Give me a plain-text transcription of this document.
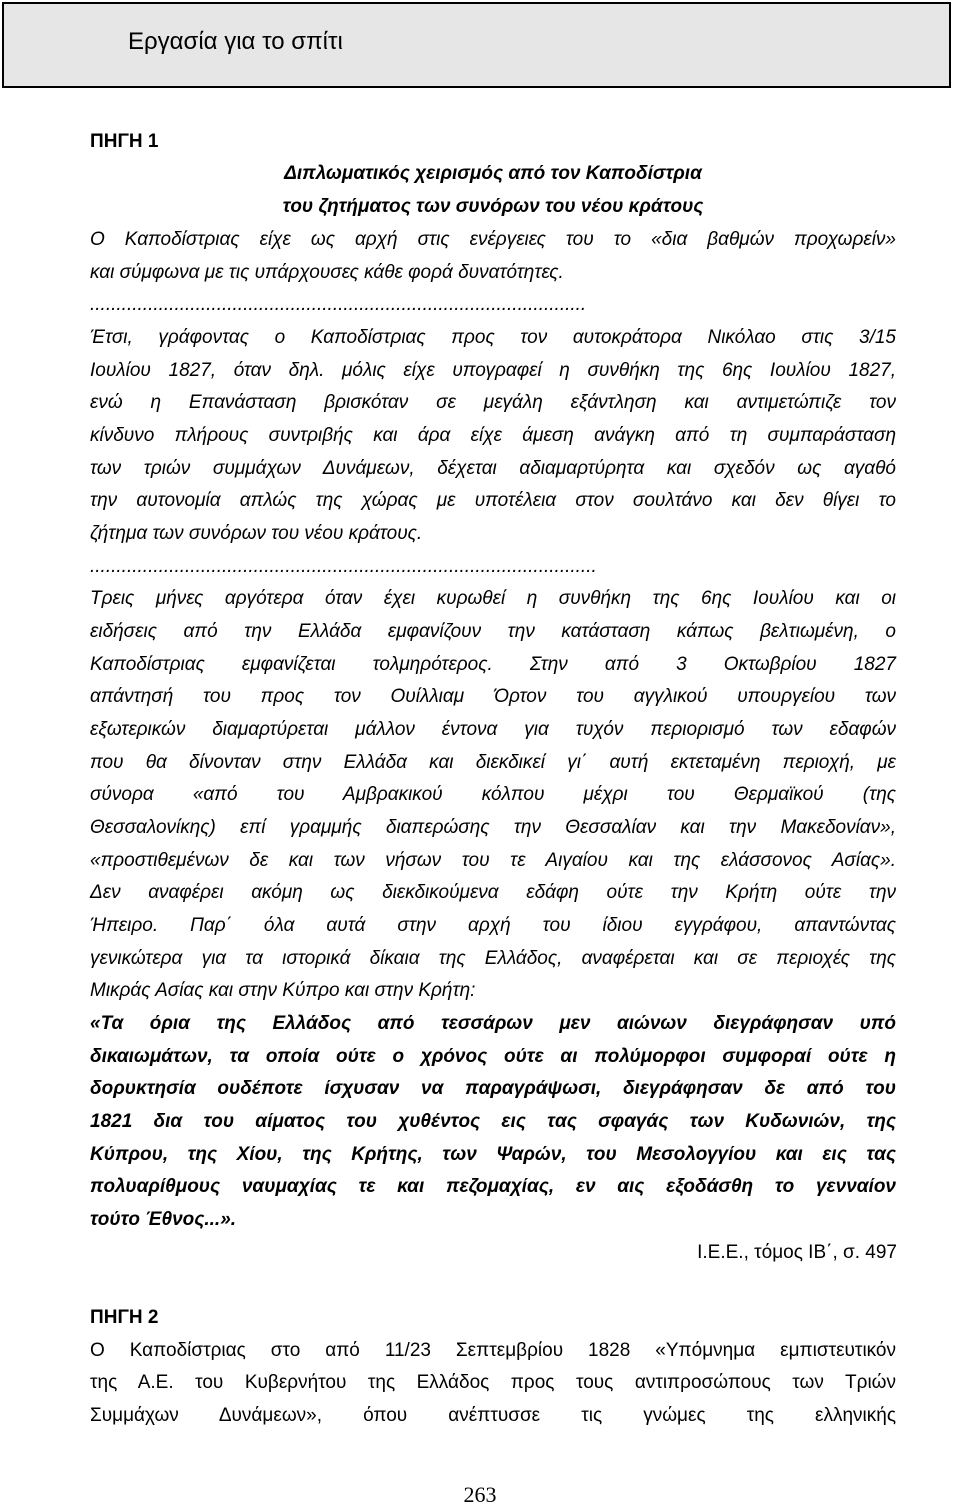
Εργασία για το σπίτι
ΠΗΓΗ 1
Διπλωματικός χειρισμός από τον Καποδίστρια
του ζητήματος των συνόρων του νέου κράτους
Ο Καποδίστριας είχε ως αρχή στις ενέργειες του το «δια βαθμών προχωρείν»
και σύμφωνα με τις υπάρχουσες κάθε φορά δυνατότητες.
..............................................................................................
Έτσι, γράφοντας ο Καποδίστριας προς τον αυτοκράτορα Νικόλαο στις 3/15
Ιουλίου 1827, όταν δηλ. μόλις είχε υπογραφεί η συνθήκη της 6ης Ιουλίου 1827,
ενώ η Επανάσταση βρισκόταν σε μεγάλη εξάντληση και αντιμετώπιζε τον
κίνδυνο πλήρους συντριβής και άρα είχε άμεση ανάγκη από τη συμπαράσταση
των τριών συμμάχων Δυνάμεων, δέχεται αδιαμαρτύρητα και σχεδόν ως αγαθό
την αυτονομία απλώς της χώρας με υποτέλεια στον σουλτάνο και δεν θίγει το
ζήτημα των συνόρων του νέου κράτους.
................................................................................................
Τρεις μήνες αργότερα όταν έχει κυρωθεί η συνθήκη της 6ης Ιουλίου και οι
ειδήσεις από την Ελλάδα εμφανίζουν την κατάσταση κάπως βελτιωμένη, ο
Καποδίστριας εμφανίζεται τολμηρότερος. Στην από 3 Οκτωβρίου 1827
απάντησή του προς τον Ουίλλιαμ Όρτον του αγγλικού υπουργείου των
εξωτερικών διαμαρτύρεται μάλλον έντονα για τυχόν περιορισμό των εδαφών
που θα δίνονταν στην Ελλάδα και διεκδικεί γι΄ αυτή εκτεταμένη περιοχή, με
σύνορα «από του Αμβρακικού κόλπου μέχρι του Θερμαϊκού (της
Θεσσαλονίκης) επί γραμμής διαπερώσης την Θεσσαλίαν και την Μακεδονίαν»,
«προστιθεμένων δε και των νήσων του τε Αιγαίου και της ελάσσονος Ασίας».
Δεν αναφέρει ακόμη ως διεκδικούμενα εδάφη ούτε την Κρήτη ούτε την
Ήπειρο. Παρ΄ όλα αυτά στην αρχή του ίδιου εγγράφου, απαντώντας
γενικώτερα για τα ιστορικά δίκαια της Ελλάδος, αναφέρεται και σε περιοχές της
Μικράς Ασίας και στην Κύπρο και στην Κρήτη:
«Τα όρια της Ελλάδος από τεσσάρων μεν αιώνων διεγράφησαν υπό
δικαιωμάτων, τα οποία ούτε ο χρόνος ούτε αι πολύμορφοι συμφοραί ούτε η
δορυκτησία ουδέποτε ίσχυσαν να παραγράψωσι, διεγράφησαν δε από του
1821 δια του αίματος του χυθέντος εις τας σφαγάς των Κυδωνιών, της
Κύπρου, της Χίου, της Κρήτης, των Ψαρών, του Μεσολογγίου και εις τας
πολυαρίθμους ναυμαχίας τε και πεζομαχίας, εν αις εξοδάσθη το γενναίον
τούτο Έθνος...».
Ι.Ε.Ε., τόμος ΙΒ΄, σ. 497
ΠΗΓΗ 2
Ο Καποδίστριας στο από 11/23 Σεπτεμβρίου 1828 «Υπόμνημα εμπιστευτικόν
της Α.Ε. του Κυβερνήτου της Ελλάδος προς τους αντιπροσώπους των Τριών
Συμμάχων Δυνάμεων», όπου ανέπτυσσε τις γνώμες της ελληνικής
263
